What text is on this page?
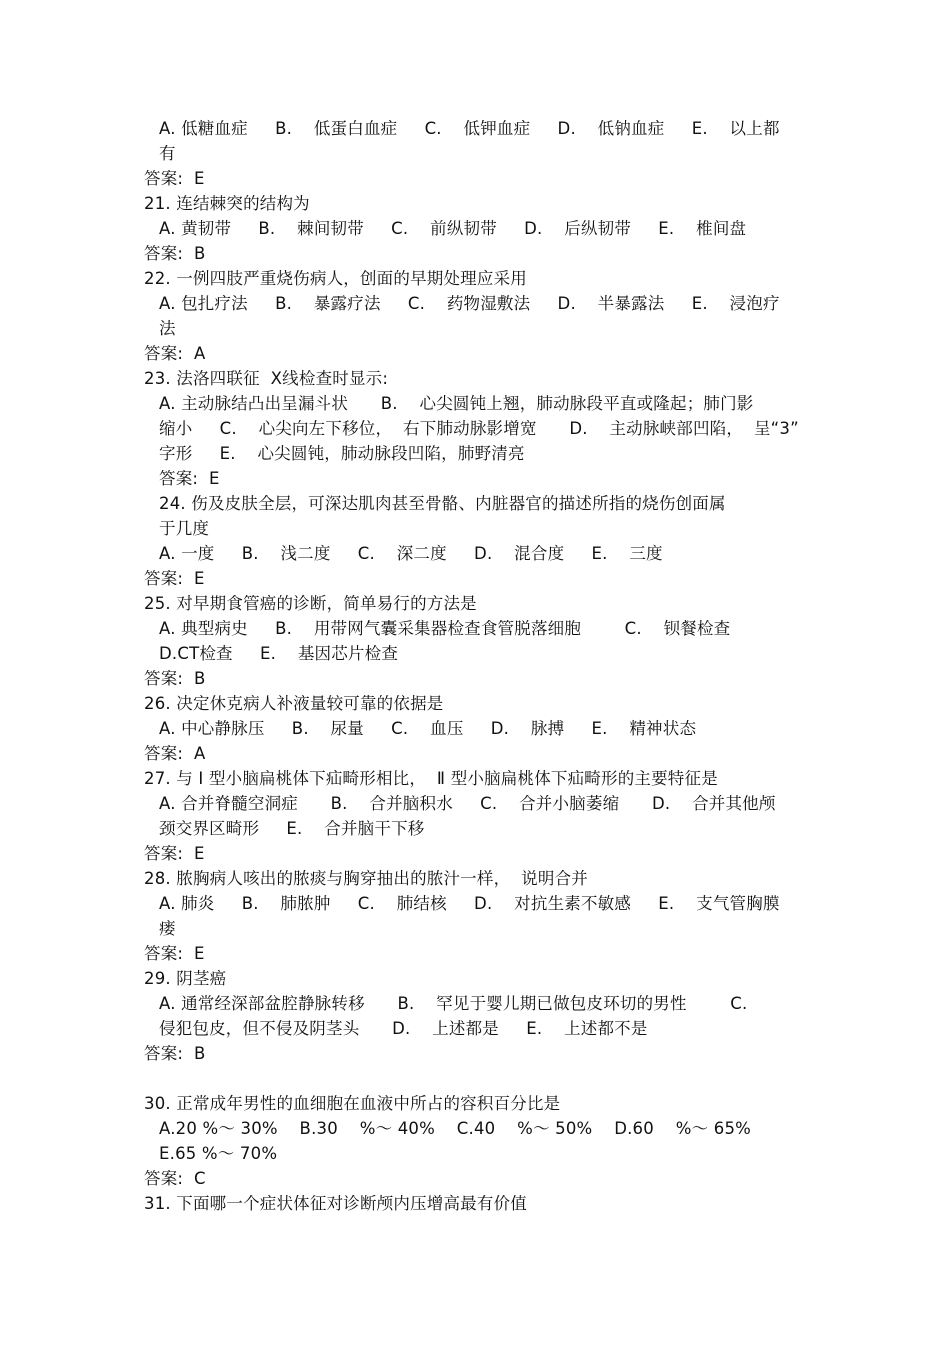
A. 低糖血症     B.    低蛋白血症     C.    低钾血症     D.    低钠血症     E.    以上都
有
答案:  E
21. 连结棘突的结构为
A. 黄韧带     B.    棘间韧带     C.    前纵韧带     D.    后纵韧带     E.    椎间盘
答案:  B
22. 一例四肢严重烧伤病人，创面的早期处理应采用
A. 包扎疗法     B.    暴露疗法     C.    药物湿敷法     D.    半暴露法     E.    浸泡疗
法
答案:  A
23. 法洛四联征  X线检查时显示:
A. 主动脉结凸出呈漏斗状      B.    心尖圆钝上翘，肺动脉段平直或隆起；肺门影
缩小     C.    心尖向左下移位，  右下肺动脉影增宽      D.    主动脉峡部凹陷，  呈“3”
字形     E.    心尖圆钝，肺动脉段凹陷，肺野清亮
答案:  E
24. 伤及皮肤全层，可深达肌肉甚至骨骼、内脏器官的描述所指的烧伤创面属
于几度
A. 一度     B.    浅二度     C.    深二度     D.    混合度     E.    三度
答案:  E
25. 对早期食管癌的诊断，简单易行的方法是
A. 典型病史     B.    用带网气囊采集器检查食管脱落细胞        C.    钡餐检查
D.CT检查     E.    基因芯片检查
答案:  B
26. 决定休克病人补液量较可靠的依据是
A. 中心静脉压     B.    尿量     C.    血压     D.    脉搏     E.    精神状态
答案:  A
27. 与 Ⅰ 型小脑扁桃体下疝畸形相比，  Ⅱ 型小脑扁桃体下疝畸形的主要特征是
A. 合并脊髓空洞症      B.    合并脑积水     C.    合并小脑萎缩      D.    合并其他颅
颈交界区畸形     E.    合并脑干下移
答案:  E
28. 脓胸病人咳出的脓痰与胸穿抽出的脓汁一样，  说明合并
A. 肺炎     B.    肺脓肿     C.    肺结核     D.    对抗生素不敏感     E.    支气管胸膜
瘘
答案:  E
29. 阴茎癌
A. 通常经深部盆腔静脉转移      B.    罕见于婴儿期已做包皮环切的男性        C.
侵犯包皮，但不侵及阴茎头      D.    上述都是     E.    上述都不是
答案:  B
30. 正常成年男性的血细胞在血液中所占的容积百分比是
A.20 %～ 30%    B.30    %～ 40%    C.40    %～ 50%    D.60    %～ 65%
E.65 %～ 70%
答案:  C
31. 下面哪一个症状体征对诊断颅内压增高最有价值
